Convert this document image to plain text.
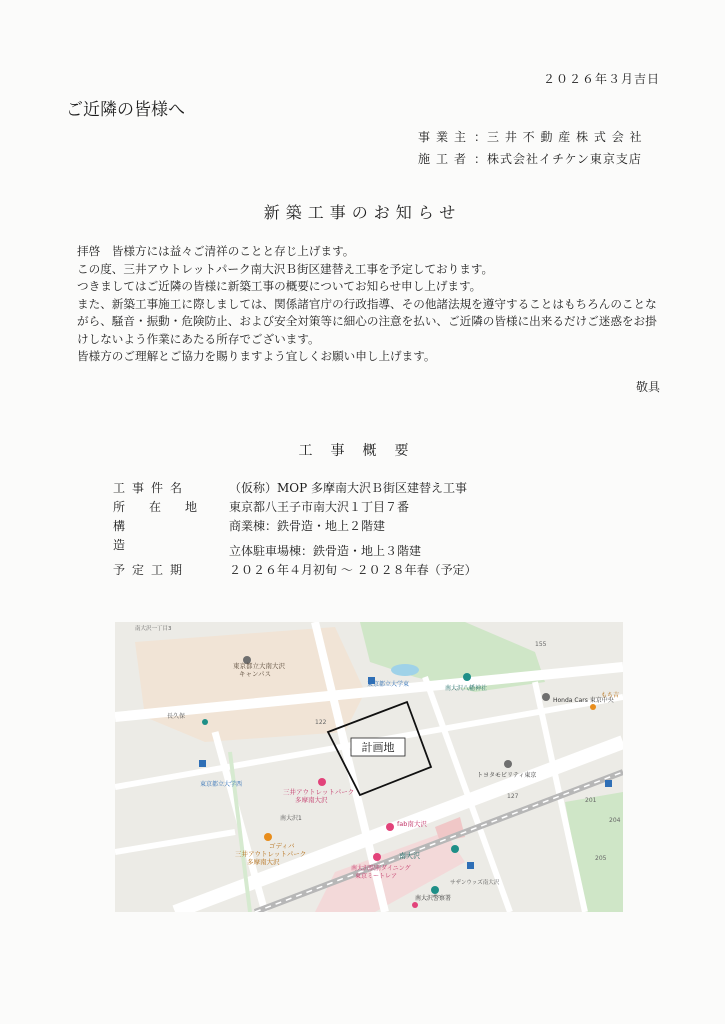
２０２６年３月吉日
ご近隣の皆様へ
事業主 ：三 井 不 動 産 株 式 会 社
施工者 ：株式会社イチケン東京支店
新築工事のお知らせ

拝啓　皆様方には益々ご清祥のことと存じ上げます。

この度、三井アウトレットパーク南大沢Ｂ街区建替え工事を予定しております。

つきましてはご近隣の皆様に新築工事の概要についてお知らせ申し上げます。

また、新築工事施工に際しましては、関係諸官庁の行政指導、その他諸法規を遵守することはもちろんのことながら、騒音・振動・危険防止、および安全対策等に細心の注意を払い、ご近隣の皆様に出来るだけご迷惑をお掛けしないよう作業にあたる所存でございます。

皆様方のご理解とご協力を賜りますよう宜しくお願い申し上げます。

敬具
工事概要
工事件名	（仮称）MOP 多摩南大沢Ｂ街区建替え工事
所在地 東京都八王子市南大沢１丁目７番
構造
商業棟：鉄骨造・地上２階建
立体駐車場棟：鉄骨造・地上３階建
予定工期	２０２６年４月初旬 ～ ２０２８年春（予定）
計画地
東京都立大南大沢 キャンパス
東京都立大学東
東京都立大学西
南大沢八幡神社
Honda Cars 東京中央
トヨタモビリティ東京
三井アウトレットパーク 多摩南大沢
南大沢1
fab南大沢
南大沢
ゴディバ 三井アウトレットパーク 多摩南大沢
南大沢駅前ダイニング 東京ミートレア
南大沢警察署
サザンウッズ南大沢
長久保
もち吉
南大沢一丁目3
122
127
155
201
204
205
